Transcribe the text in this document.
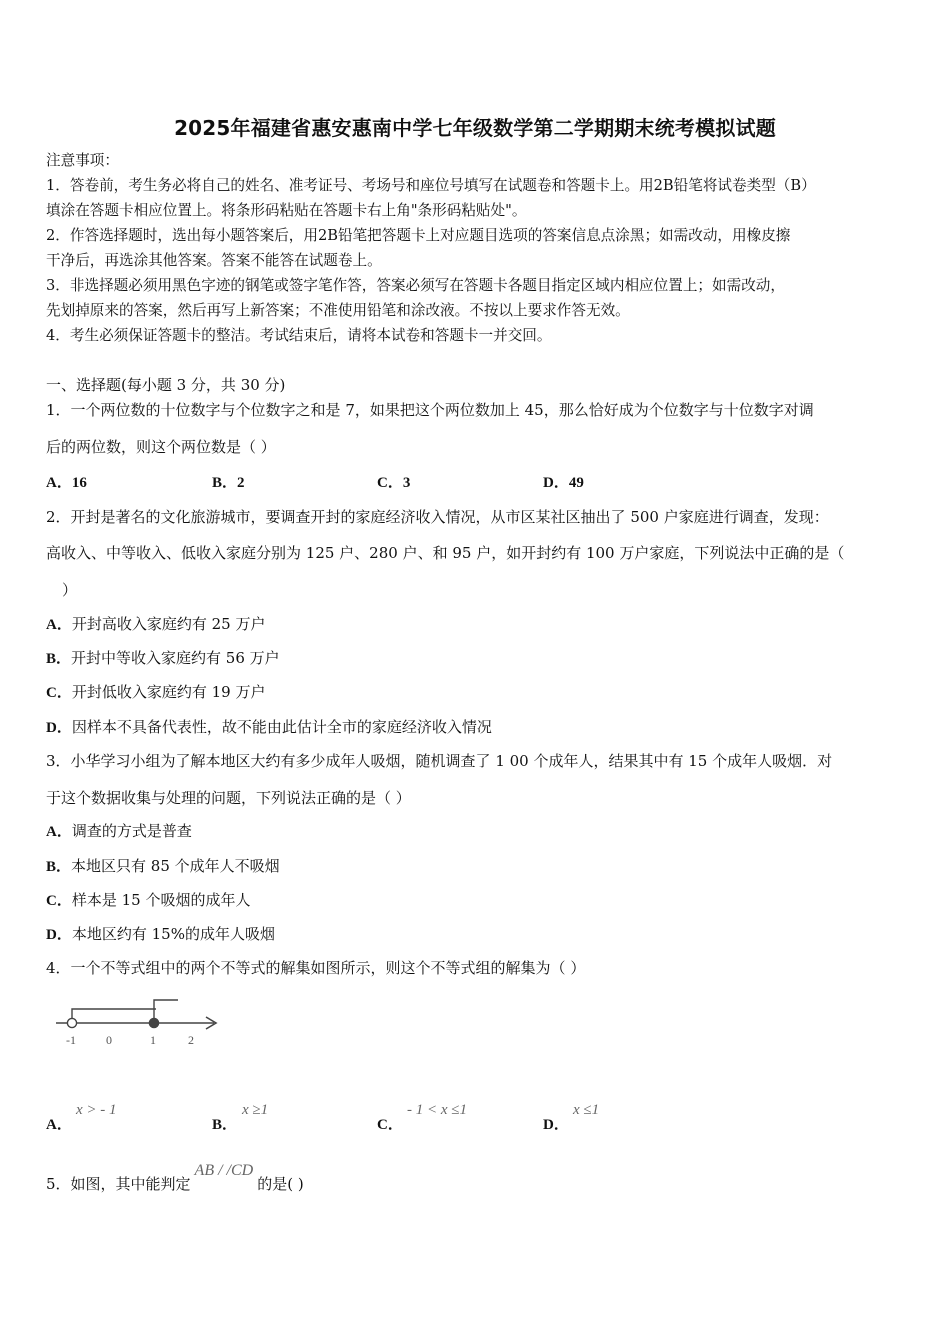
2025年福建省惠安惠南中学七年级数学第二学期期末统考模拟试题
注意事项：
1．答卷前，考生务必将自己的姓名、准考证号、考场号和座位号填写在试题卷和答题卡上。用2B铅笔将试卷类型（B）
填涂在答题卡相应位置上。将条形码粘贴在答题卡右上角"条形码粘贴处"。
2．作答选择题时，选出每小题答案后，用2B铅笔把答题卡上对应题目选项的答案信息点涂黑；如需改动，用橡皮擦
干净后，再选涂其他答案。答案不能答在试题卷上。
3．非选择题必须用黑色字迹的钢笔或签字笔作答，答案必须写在答题卡各题目指定区域内相应位置上；如需改动，
先划掉原来的答案，然后再写上新答案；不准使用铅笔和涂改液。不按以上要求作答无效。
4．考生必须保证答题卡的整洁。考试结束后，请将本试卷和答题卡一并交回。
一、选择题(每小题 3 分，共 30 分)
1．一个两位数的十位数字与个位数字之和是 7，如果把这个两位数加上 45，那么恰好成为个位数字与十位数字对调
后的两位数，则这个两位数是（ ）
A．16	B．2	C．3	D．49
2．开封是著名的文化旅游城市，要调查开封的家庭经济收入情况，从市区某社区抽出了 500 户家庭进行调查，发现：
高收入、中等收入、低收入家庭分别为 125 户、280 户、和 95 户，如开封约有 100 万户家庭，下列说法中正确的是（
）
A．开封高收入家庭约有 25 万户
B．开封中等收入家庭约有 56 万户
C．开封低收入家庭约有 19 万户
D．因样本不具备代表性，故不能由此估计全市的家庭经济收入情况
3．小华学习小组为了解本地区大约有多少成年人吸烟，随机调查了 1 00 个成年人，结果其中有 15 个成年人吸烟．对
于这个数据收集与处理的问题，下列说法正确的是（ ）
A．调查的方式是普查
B．本地区只有 85 个成年人不吸烟
C．样本是 15 个吸烟的成年人
D．本地区约有 15%的成年人吸烟
4．一个不等式组中的两个不等式的解集如图所示，则这个不等式组的解集为（ ）
-1	0	1	2
A．
x > - 1
B．
x ≥1
C．
- 1 < x ≤1
D．
x ≤1
5．如图，其中能判定AB / /CD的是( )
